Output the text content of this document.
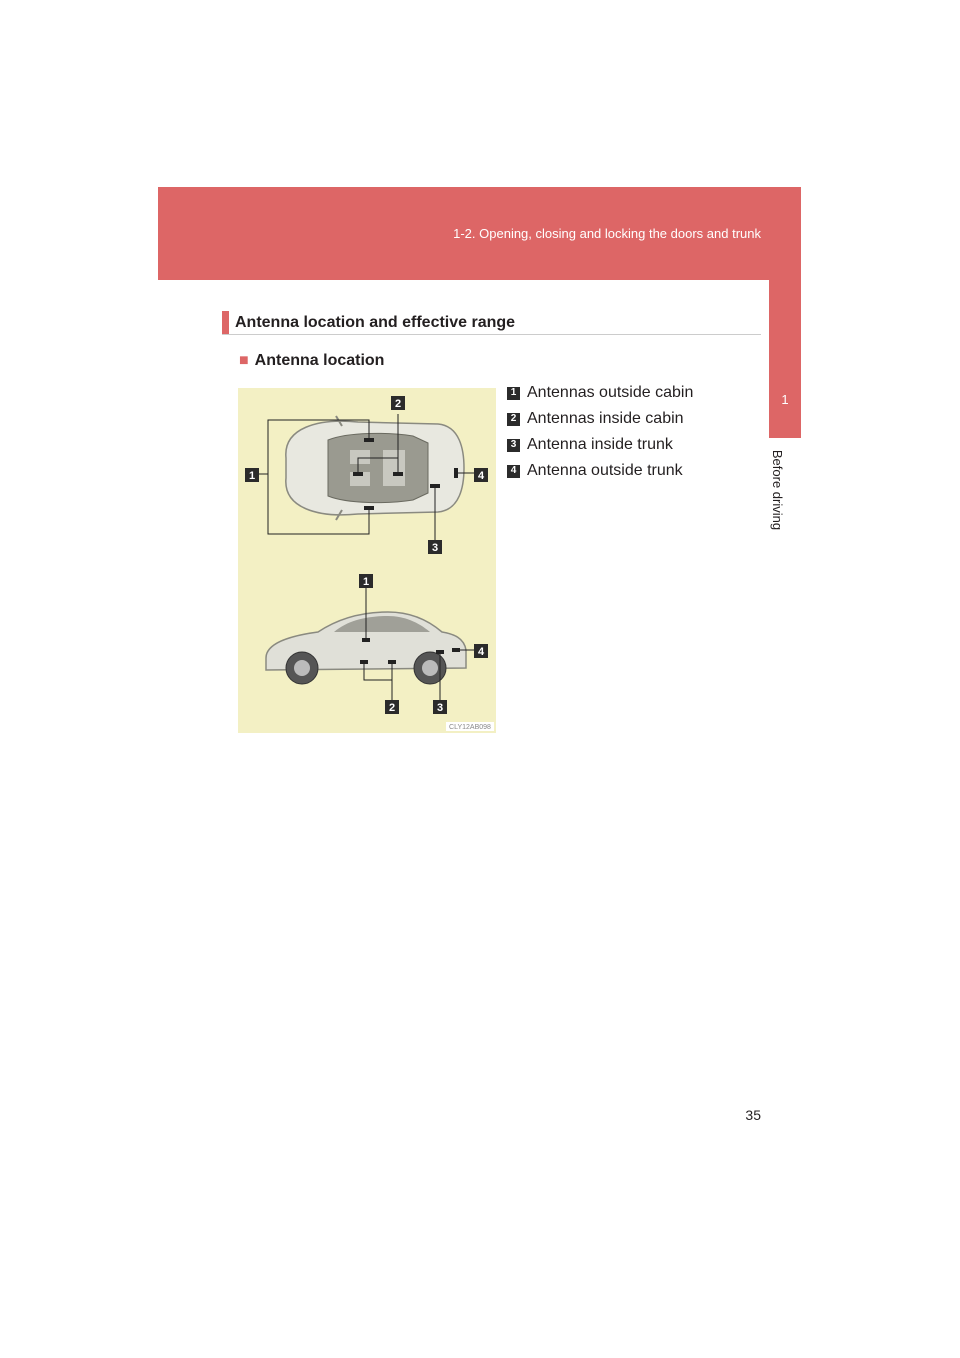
1-2. Opening, closing and locking the doors and trunk
1
Before driving
Antenna location and effective range
■ Antenna location
2
1	4
3
1
4
2	3
CLY12AB098
1 Antennas outside cabin
2 Antennas inside cabin
3 Antenna inside trunk
4 Antenna outside trunk
35
